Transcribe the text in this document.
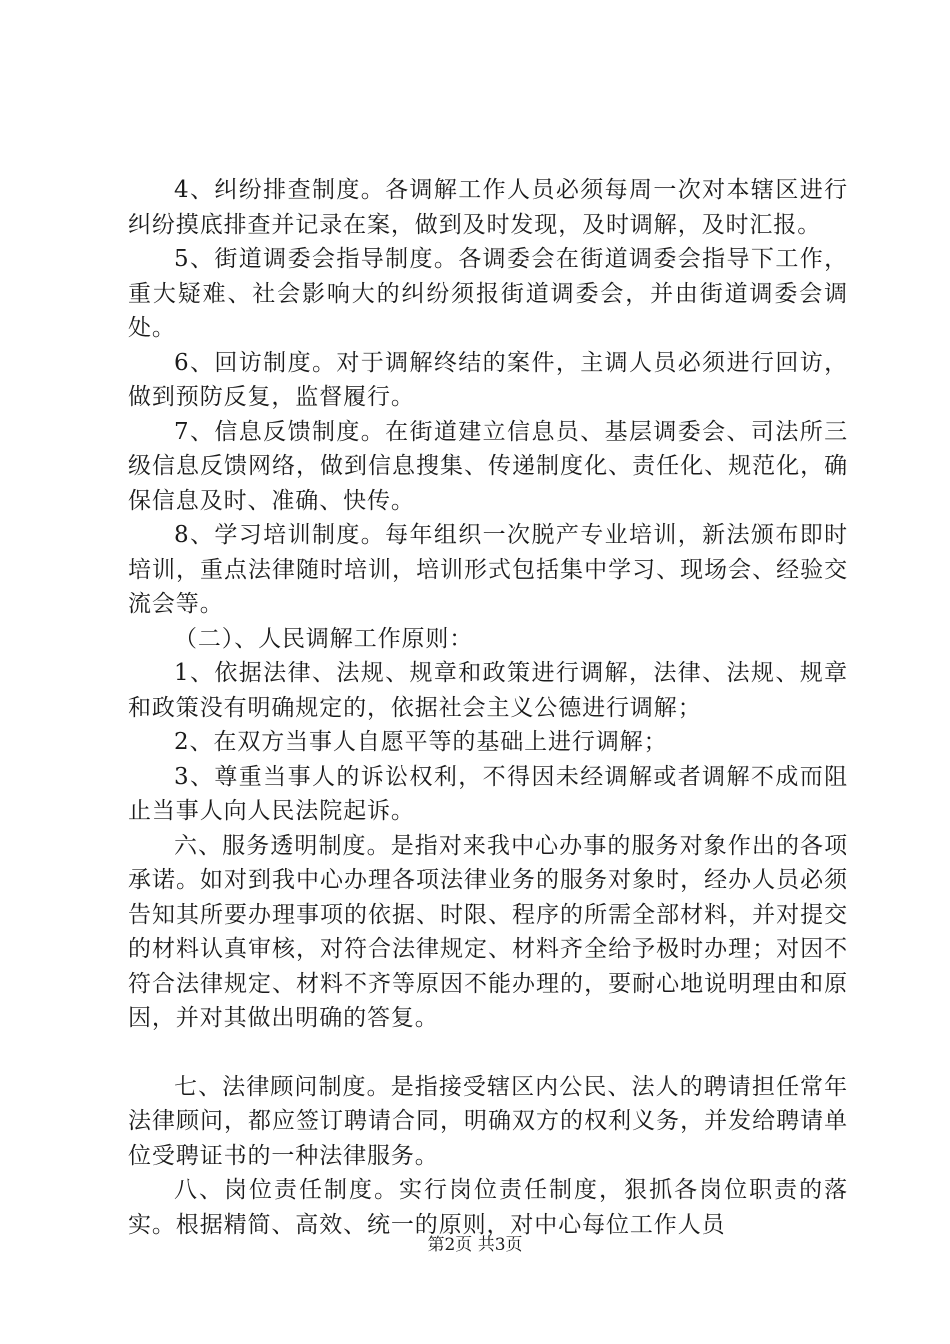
4、纠纷排查制度。各调解工作人员必须每周一次对本辖区进行纠纷摸底排查并记录在案，做到及时发现，及时调解，及时汇报。

5、街道调委会指导制度。各调委会在街道调委会指导下工作，重大疑难、社会影响大的纠纷须报街道调委会，并由街道调委会调处。

6、回访制度。对于调解终结的案件，主调人员必须进行回访，做到预防反复，监督履行。

7、信息反馈制度。在街道建立信息员、基层调委会、司法所三级信息反馈网络，做到信息搜集、传递制度化、责任化、规范化，确保信息及时、准确、快传。

8、学习培训制度。每年组织一次脱产专业培训，新法颁布即时培训，重点法律随时培训，培训形式包括集中学习、现场会、经验交流会等。

（二）、人民调解工作原则：

1、依据法律、法规、规章和政策进行调解，法律、法规、规章和政策没有明确规定的，依据社会主义公德进行调解；

2、在双方当事人自愿平等的基础上进行调解；

3、尊重当事人的诉讼权利，不得因未经调解或者调解不成而阻止当事人向人民法院起诉。

六、服务透明制度。是指对来我中心办事的服务对象作出的各项承诺。如对到我中心办理各项法律业务的服务对象时，经办人员必须告知其所要办理事项的依据、时限、程序的所需全部材料，并对提交的材料认真审核，对符合法律规定、材料齐全给予极时办理；对因不符合法律规定、材料不齐等原因不能办理的，要耐心地说明理由和原因，并对其做出明确的答复。

七、法律顾问制度。是指接受辖区内公民、法人的聘请担任常年法律顾问，都应签订聘请合同，明确双方的权利义务，并发给聘请单位受聘证书的一种法律服务。

八、岗位责任制度。实行岗位责任制度，狠抓各岗位职责的落实。根据精简、高效、统一的原则，对中心每位工作人员

第2页 共3页
